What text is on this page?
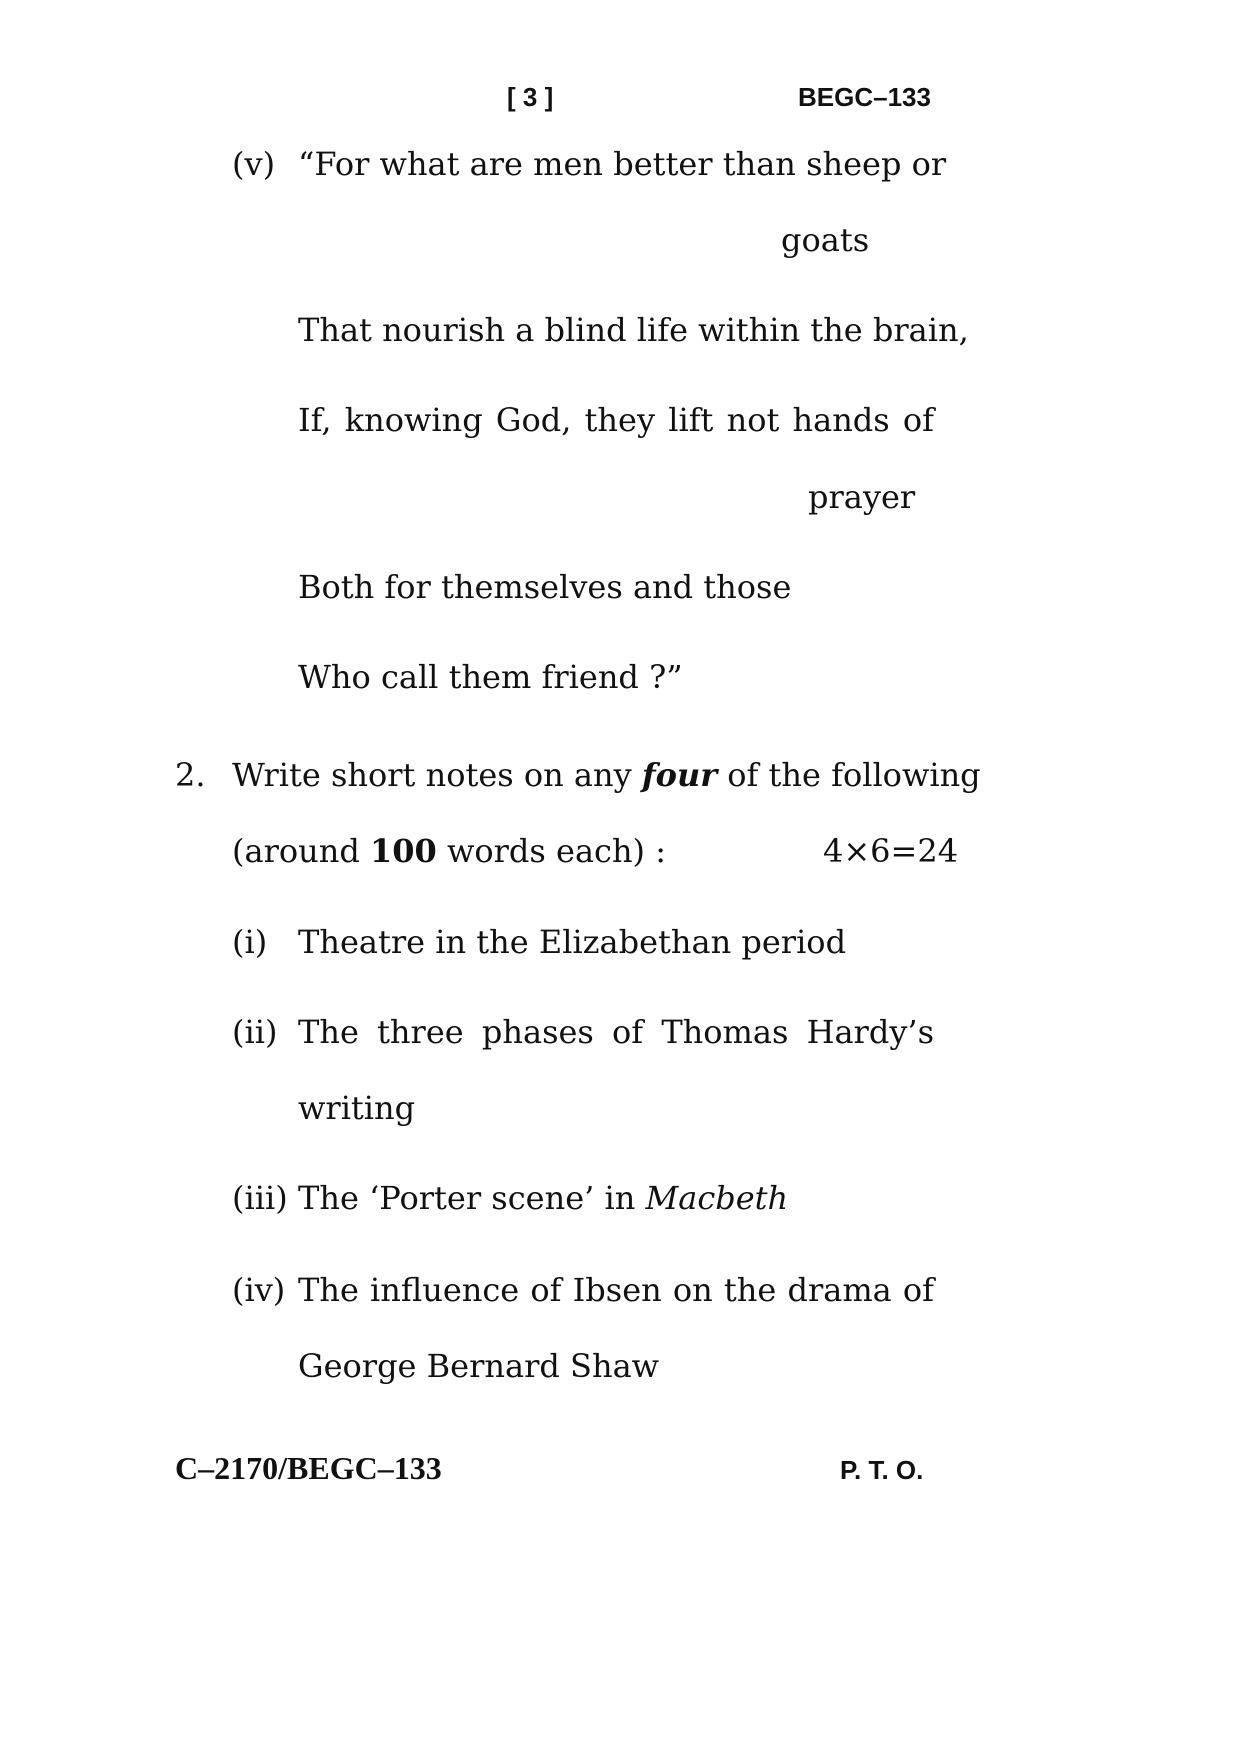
[ 3 ]	BEGC–133
(v) “For what are men better than sheep or
goats
That nourish a blind life within the brain,
If, knowing God, they lift not hands of
prayer
Both for themselves and those
Who call them friend ?”
2. Write short notes on any four of the following
(around 100 words each) :	4×6=24
(i) Theatre in the Elizabethan period
(ii) The three phases of Thomas Hardy’s
writing
(iii) The ‘Porter scene’ in Macbeth
(iv) The influence of Ibsen on the drama of
George Bernard Shaw
C–2170/BEGC–133	P. T. O.
